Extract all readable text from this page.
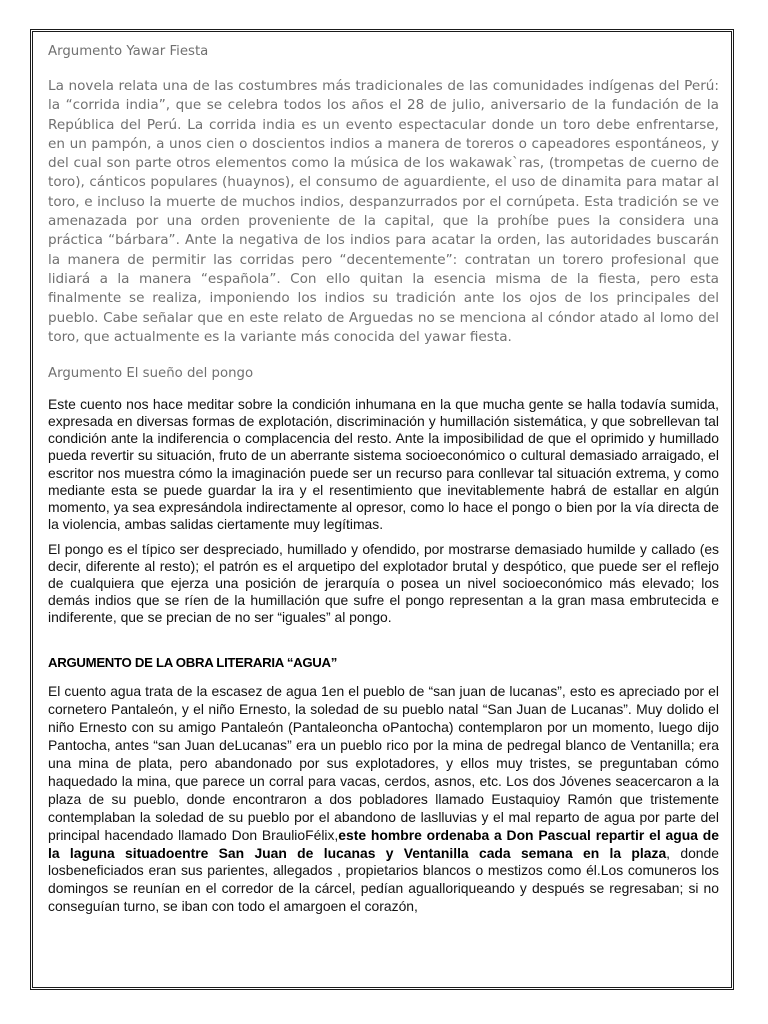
Argumento Yawar Fiesta

La novela relata una de las costumbres más tradicionales de las comunidades indígenas del Perú: la “corrida india”, que se celebra todos los años el 28 de julio, aniversario de la fundación de la República del Perú. La corrida india es un evento espectacular donde un toro debe enfrentarse, en un pampón, a unos cien o doscientos indios a manera de toreros o capeadores espontáneos, y del cual son parte otros elementos como la música de los wakawak`ras, (trompetas de cuerno de toro), cánticos populares (huaynos), el consumo de aguardiente, el uso de dinamita para matar al toro, e incluso la muerte de muchos indios, despanzurrados por el cornúpeta. Esta tradición se ve amenazada por una orden proveniente de la capital, que la prohíbe pues la considera una práctica “bárbara”. Ante la negativa de los indios para acatar la orden, las autoridades buscarán la manera de permitir las corridas pero “decentemente”: contratan un torero profesional que lidiará a la manera “española”. Con ello quitan la esencia misma de la fiesta, pero esta finalmente se realiza, imponiendo los indios su tradición ante los ojos de los principales del pueblo. Cabe señalar que en este relato de Arguedas no se menciona al cóndor atado al lomo del toro, que actualmente es la variante más conocida del yawar fiesta.

Argumento El sueño del pongo

Este cuento nos hace meditar sobre la condición inhumana en la que mucha gente se halla todavía sumida, expresada en diversas formas de explotación, discriminación y humillación sistemática, y que sobrellevan tal condición ante la indiferencia o complacencia del resto. Ante la imposibilidad de que el oprimido y humillado pueda revertir su situación, fruto de un aberrante sistema socioeconómico o cultural demasiado arraigado, el escritor nos muestra cómo la imaginación puede ser un recurso para conllevar tal situación extrema, y como mediante esta se puede guardar la ira y el resentimiento que inevitablemente habrá de estallar en algún momento, ya sea expresándola indirectamente al opresor, como lo hace el pongo o bien por la vía directa de la violencia, ambas salidas ciertamente muy legítimas.

El pongo es el típico ser despreciado, humillado y ofendido, por mostrarse demasiado humilde y callado (es decir, diferente al resto); el patrón es el arquetipo del explotador brutal y despótico, que puede ser el reflejo de cualquiera que ejerza una posición de jerarquía o posea un nivel socioeconómico más elevado; los demás indios que se ríen de la humillación que sufre el pongo representan a la gran masa embrutecida e indiferente, que se precian de no ser “iguales” al pongo.

ARGUMENTO DE LA OBRA LITERARIA “AGUA”

El cuento agua trata de la escasez de agua 1en el pueblo de “san juan de lucanas”, esto es apreciado por el cornetero Pantaleón, y el niño Ernesto, la soledad de su pueblo natal “San Juan de Lucanas”. Muy dolido el niño Ernesto con su amigo Pantaleón (Pantaleoncha oPantocha) contemplaron por un momento, luego dijo Pantocha, antes “san Juan deLucanas” era un pueblo rico por la mina de pedregal blanco de Ventanilla; era una mina de plata, pero abandonado por sus explotadores, y ellos muy tristes, se preguntaban cómo haquedado la mina, que parece un corral para vacas, cerdos, asnos, etc. Los dos Jóvenes seacercaron a la plaza de su pueblo, donde encontraron a dos pobladores llamado Eustaquioy Ramón que tristemente contemplaban la soledad de su pueblo por el abandono de laslluvias y el mal reparto de agua por parte del principal hacendado llamado Don BraulioFélix,este hombre ordenaba a Don Pascual repartir el agua de la laguna situadoentre San Juan de lucanas y Ventanilla cada semana en la plaza, donde losbeneficiados eran sus parientes, allegados , propietarios blancos o mestizos como él.Los comuneros los domingos se reunían en el corredor de la cárcel, pedían agualloriqueando y después se regresaban; si no conseguían turno, se iban con todo el amargoen el corazón,
